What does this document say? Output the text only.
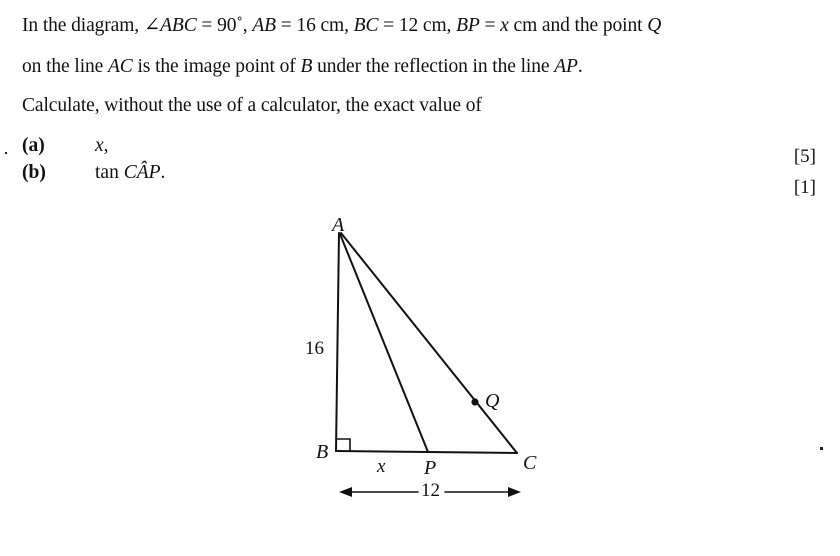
In the diagram, ∠ABC = 90˚, AB = 16 cm, BC = 12 cm, BP = x cm and the point Q
on the line AC is the image point of B under the reflection in the line AP.
Calculate, without the use of a calculator, the exact value of
(a)	x,
[5]
(b)	tan CÂP.
[1]
A
B	C
P
Q
16
x
12
